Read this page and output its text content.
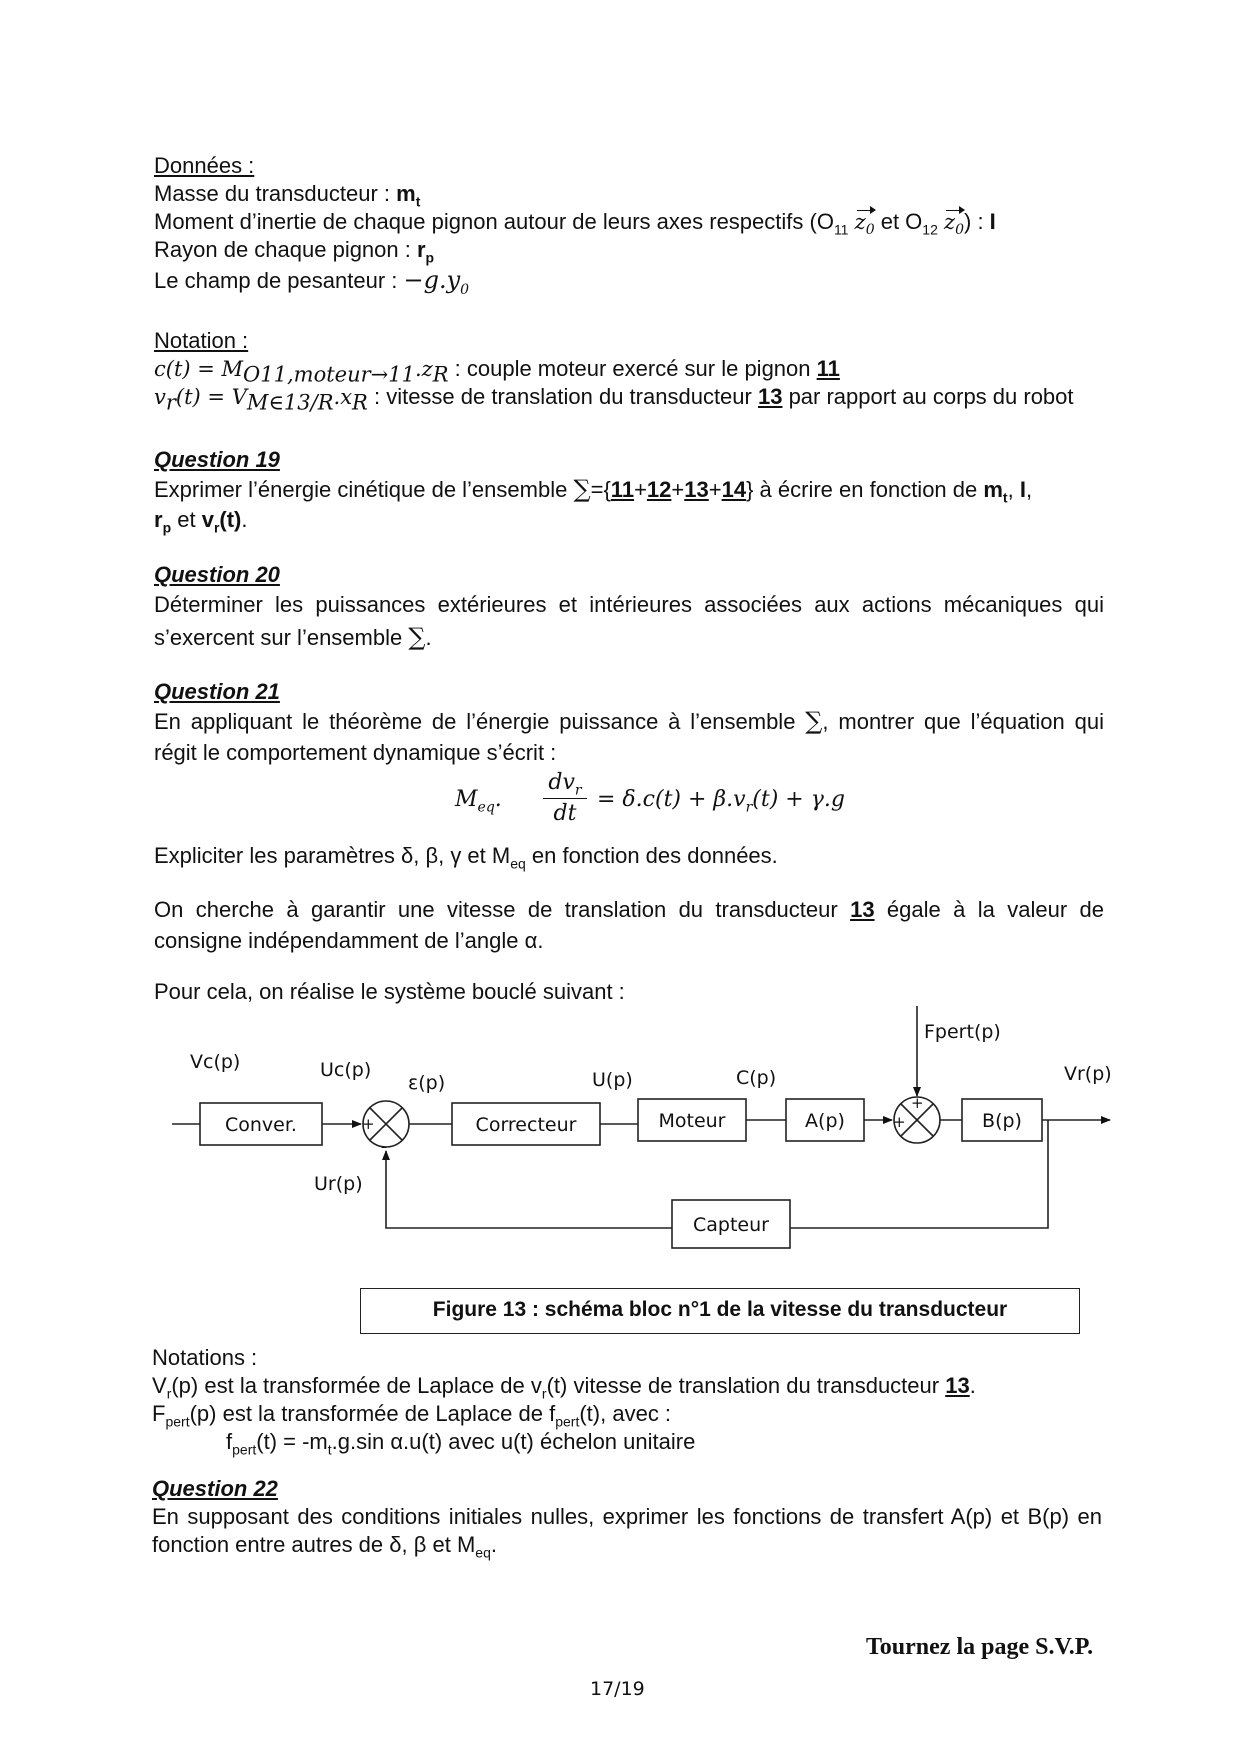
Données :
Masse du transducteur : $m_t$
Moment d’inertie de chaque pignon autour de leurs axes respectifs ($O_{11}$ $z_0$ et $O_{12}$ $z_0$) : I
Rayon de chaque pignon : $r_p$
Le champ de pesanteur : $-g.y_0$
Notation :
$c(t) = M_{O11,moteur\to 11}.z_R$ : couple moteur exercé sur le pignon 11
$v_r(t) = V_{M\in 13/R}.x_R$ : vitesse de translation du transducteur 13 par rapport au corps du robot
Question 19
Exprimer l’énergie cinétique de l’ensemble ∑={11+12+13+14} à écrire en fonction de $m_t$, I,
$r_p$ et $v_r(t)$.
Question 20
Déterminer les puissances extérieures et intérieures associées aux actions mécaniques qui s’exercent sur l’ensemble ∑.
Question 21
En appliquant le théorème de l’énergie puissance à l’ensemble ∑, montrer que l’équation qui régit le comportement dynamique s’écrit :
$M_{eq}$.
$dv_r$
dt
= $\delta.c(t) + \beta.v_r(t) + \gamma.g$
Expliciter les paramètres δ, β, γ et $M_{eq}$ en fonction des données.
On cherche à garantir une vitesse de translation du transducteur 13 égale à la valeur de consigne indépendamment de l’angle α.
Pour cela, on réalise le système bouclé suivant :
Vc(p)	Uc(p)
ε(p)	U(p)	C(p)	Vr(p)
Fpert(p)
Ur(p)
Conver.	Correcteur	Moteur	A(p)	B(p)
Capteur
+
-
+
+
Figure 13 : schéma bloc n°1 de la vitesse du transducteur
Notations :
$V_r(p)$ est la transformée de Laplace de $v_r(t)$ vitesse de translation du transducteur 13.
$F_{pert}(p)$ est la transformée de Laplace de $f_{pert}(t)$, avec :
$f_{pert}(t) = -m_t.g.\sin$ α.u(t) avec u(t) échelon unitaire
Question 22
En supposant des conditions initiales nulles, exprimer les fonctions de transfert A(p) et B(p) en fonction entre autres de δ, β et $M_{eq}$.
Tournez la page S.V.P.
17/19
